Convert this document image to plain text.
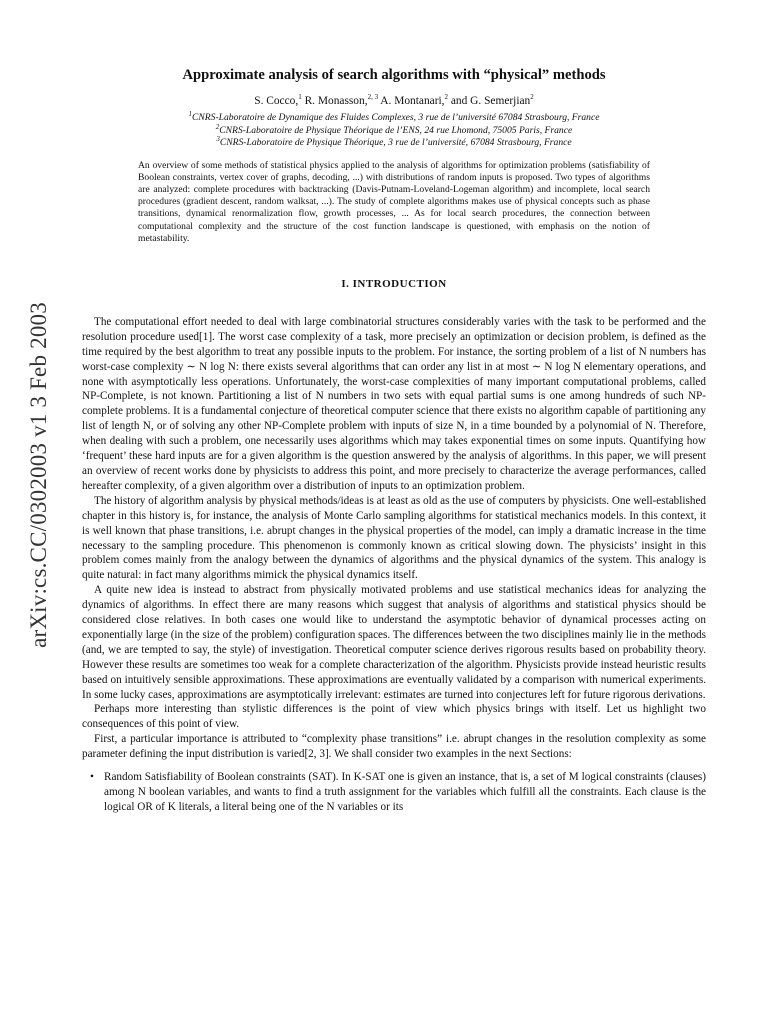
arXiv:cs.CC/0302003 v1 3 Feb 2003
Approximate analysis of search algorithms with “physical” methods
S. Cocco,$^1$ R. Monasson,$^{2, 3}$ A. Montanari,$^2$ and G. Semerjian$^2$
$^1$CNRS-Laboratoire de Dynamique des Fluides Complexes, 3 rue de l’université 67084 Strasbourg, France
$^2$CNRS-Laboratoire de Physique Théorique de l’ENS, 24 rue Lhomond, 75005 Paris, France
$^3$CNRS-Laboratoire de Physique Théorique, 3 rue de l’université, 67084 Strasbourg, France

An overview of some methods of statistical physics applied to the analysis of algorithms for optimization problems (satisfiability of Boolean constraints, vertex cover of graphs, decoding, ...) with distributions of random inputs is proposed. Two types of algorithms are analyzed: complete procedures with backtracking (Davis-Putnam-Loveland-Logeman algorithm) and incomplete, local search procedures (gradient descent, random walksat, ...). The study of complete algorithms makes use of physical concepts such as phase transitions, dynamical renormalization flow, growth processes, ... As for local search procedures, the connection between computational complexity and the structure of the cost function landscape is questioned, with emphasis on the notion of metastability.

I. INTRODUCTION

The computational effort needed to deal with large combinatorial structures considerably varies with the task to be performed and the resolution procedure used[1]. The worst case complexity of a task, more precisely an optimization or decision problem, is defined as the time required by the best algorithm to treat any possible inputs to the problem. For instance, the sorting problem of a list of N numbers has worst-case complexity ∼ N log N: there exists several algorithms that can order any list in at most ∼ N log N elementary operations, and none with asymptotically less operations. Unfortunately, the worst-case complexities of many important computational problems, called NP-Complete, is not known. Partitioning a list of N numbers in two sets with equal partial sums is one among hundreds of such NP-complete problems. It is a fundamental conjecture of theoretical computer science that there exists no algorithm capable of partitioning any list of length N, or of solving any other NP-Complete problem with inputs of size N, in a time bounded by a polynomial of N. Therefore, when dealing with such a problem, one necessarily uses algorithms which may takes exponential times on some inputs. Quantifying how ‘frequent’ these hard inputs are for a given algorithm is the question answered by the analysis of algorithms. In this paper, we will present an overview of recent works done by physicists to address this point, and more precisely to characterize the average performances, called hereafter complexity, of a given algorithm over a distribution of inputs to an optimization problem.

The history of algorithm analysis by physical methods/ideas is at least as old as the use of computers by physicists. One well-established chapter in this history is, for instance, the analysis of Monte Carlo sampling algorithms for statistical mechanics models. In this context, it is well known that phase transitions, i.e. abrupt changes in the physical properties of the model, can imply a dramatic increase in the time necessary to the sampling procedure. This phenomenon is commonly known as critical slowing down. The physicists’ insight in this problem comes mainly from the analogy between the dynamics of algorithms and the physical dynamics of the system. This analogy is quite natural: in fact many algorithms mimick the physical dynamics itself.

A quite new idea is instead to abstract from physically motivated problems and use statistical mechanics ideas for analyzing the dynamics of algorithms. In effect there are many reasons which suggest that analysis of algorithms and statistical physics should be considered close relatives. In both cases one would like to understand the asymptotic behavior of dynamical processes acting on exponentially large (in the size of the problem) configuration spaces. The differences between the two disciplines mainly lie in the methods (and, we are tempted to say, the style) of investigation. Theoretical computer science derives rigorous results based on probability theory. However these results are sometimes too weak for a complete characterization of the algorithm. Physicists provide instead heuristic results based on intuitively sensible approximations. These approximations are eventually validated by a comparison with numerical experiments. In some lucky cases, approximations are asymptotically irrelevant: estimates are turned into conjectures left for future rigorous derivations.

Perhaps more interesting than stylistic differences is the point of view which physics brings with itself. Let us highlight two consequences of this point of view.

First, a particular importance is attributed to “complexity phase transitions” i.e. abrupt changes in the resolution complexity as some parameter defining the input distribution is varied[2, 3]. We shall consider two examples in the next Sections:

• Random Satisfiability of Boolean constraints (SAT). In K-SAT one is given an instance, that is, a set of M logical constraints (clauses) among N boolean variables, and wants to find a truth assignment for the variables which fulfill all the constraints. Each clause is the logical OR of K literals, a literal being one of the N variables or its
